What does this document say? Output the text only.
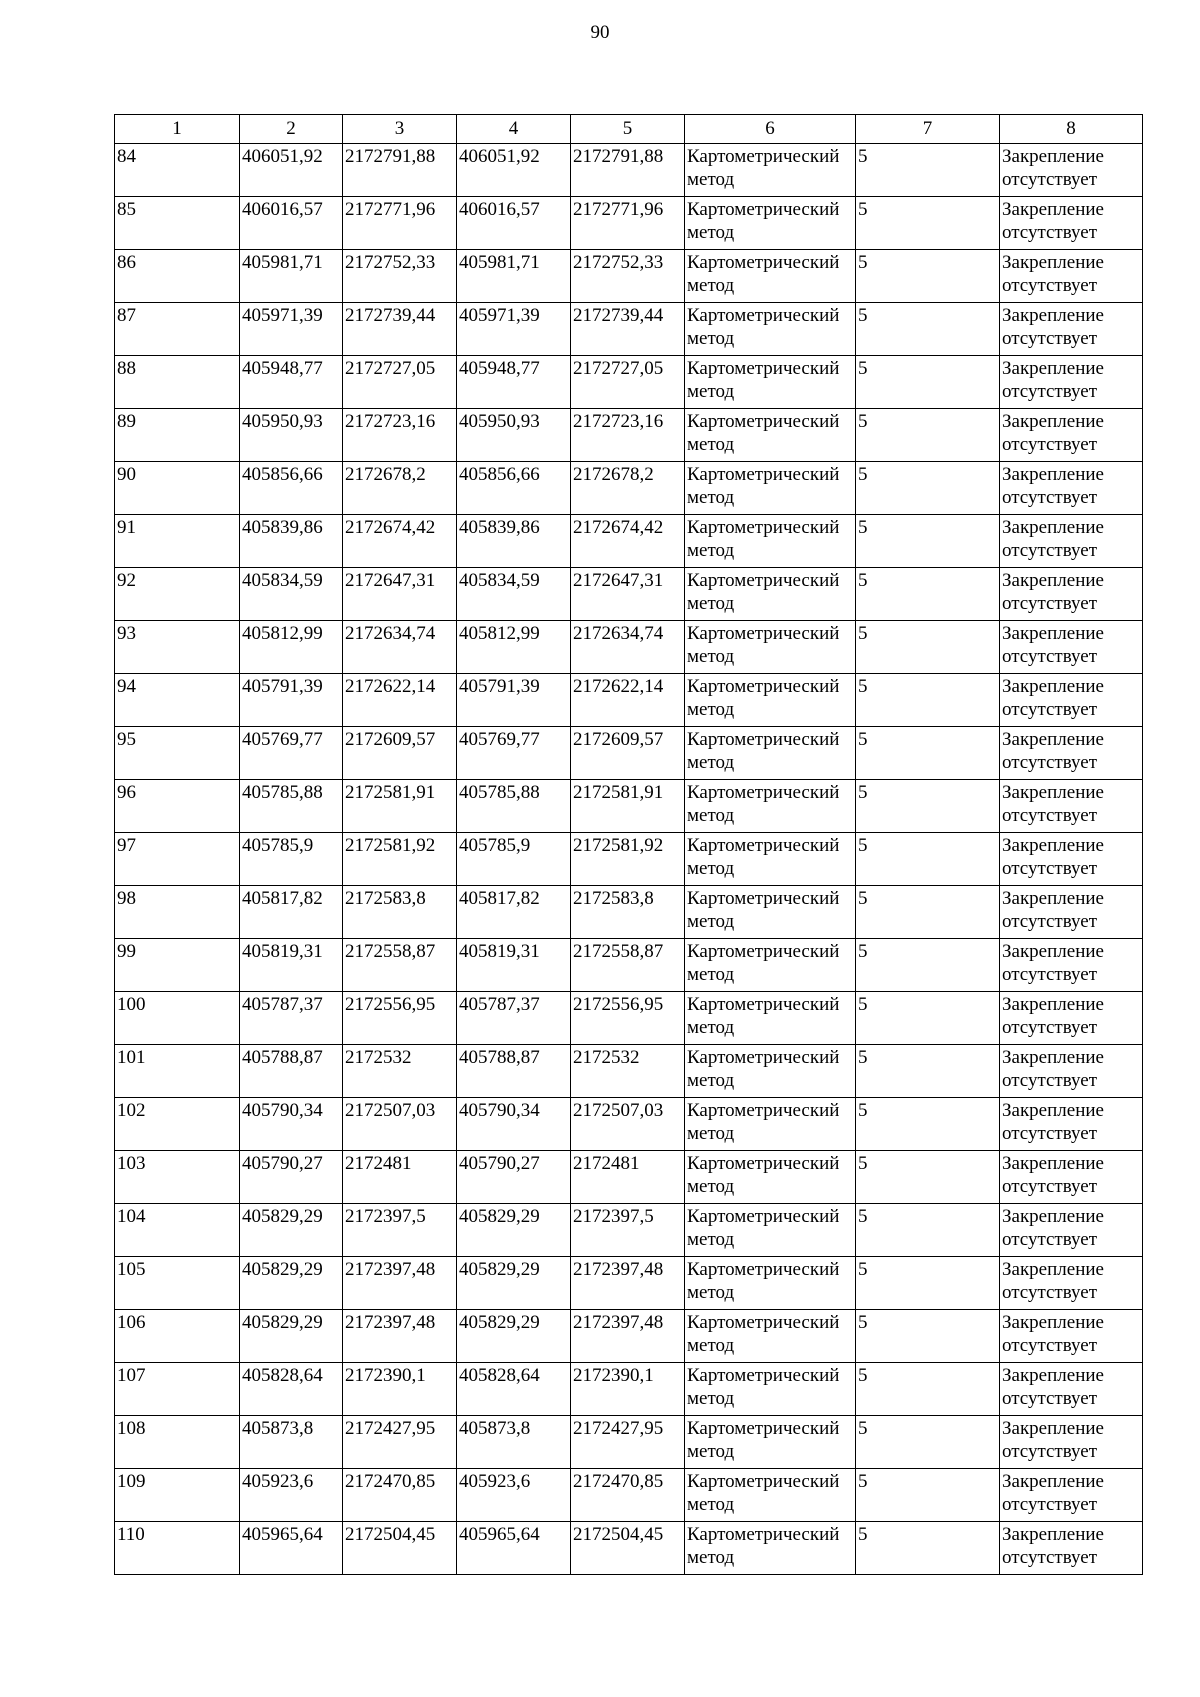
90
1	2	3	4	5	6	7	8
84	406051,92	2172791,88	406051,92	2172791,88	Картометрический метод	5	Закрепление отсутствует
85	406016,57	2172771,96	406016,57	2172771,96	Картометрический метод	5	Закрепление отсутствует
86	405981,71	2172752,33	405981,71	2172752,33	Картометрический метод	5	Закрепление отсутствует
87	405971,39	2172739,44	405971,39	2172739,44	Картометрический метод	5	Закрепление отсутствует
88	405948,77	2172727,05	405948,77	2172727,05	Картометрический метод	5	Закрепление отсутствует
89	405950,93	2172723,16	405950,93	2172723,16	Картометрический метод	5	Закрепление отсутствует
90	405856,66	2172678,2	405856,66	2172678,2	Картометрический метод	5	Закрепление отсутствует
91	405839,86	2172674,42	405839,86	2172674,42	Картометрический метод	5	Закрепление отсутствует
92	405834,59	2172647,31	405834,59	2172647,31	Картометрический метод	5	Закрепление отсутствует
93	405812,99	2172634,74	405812,99	2172634,74	Картометрический метод	5	Закрепление отсутствует
94	405791,39	2172622,14	405791,39	2172622,14	Картометрический метод	5	Закрепление отсутствует
95	405769,77	2172609,57	405769,77	2172609,57	Картометрический метод	5	Закрепление отсутствует
96	405785,88	2172581,91	405785,88	2172581,91	Картометрический метод	5	Закрепление отсутствует
97	405785,9	2172581,92	405785,9	2172581,92	Картометрический метод	5	Закрепление отсутствует
98	405817,82	2172583,8	405817,82	2172583,8	Картометрический метод	5	Закрепление отсутствует
99	405819,31	2172558,87	405819,31	2172558,87	Картометрический метод	5	Закрепление отсутствует
100	405787,37	2172556,95	405787,37	2172556,95	Картометрический метод	5	Закрепление отсутствует
101	405788,87	2172532	405788,87	2172532	Картометрический метод	5	Закрепление отсутствует
102	405790,34	2172507,03	405790,34	2172507,03	Картометрический метод	5	Закрепление отсутствует
103	405790,27	2172481	405790,27	2172481	Картометрический метод	5	Закрепление отсутствует
104	405829,29	2172397,5	405829,29	2172397,5	Картометрический метод	5	Закрепление отсутствует
105	405829,29	2172397,48	405829,29	2172397,48	Картометрический метод	5	Закрепление отсутствует
106	405829,29	2172397,48	405829,29	2172397,48	Картометрический метод	5	Закрепление отсутствует
107	405828,64	2172390,1	405828,64	2172390,1	Картометрический метод	5	Закрепление отсутствует
108	405873,8	2172427,95	405873,8	2172427,95	Картометрический метод	5	Закрепление отсутствует
109	405923,6	2172470,85	405923,6	2172470,85	Картометрический метод	5	Закрепление отсутствует
110	405965,64	2172504,45	405965,64	2172504,45	Картометрический метод	5	Закрепление отсутствует
